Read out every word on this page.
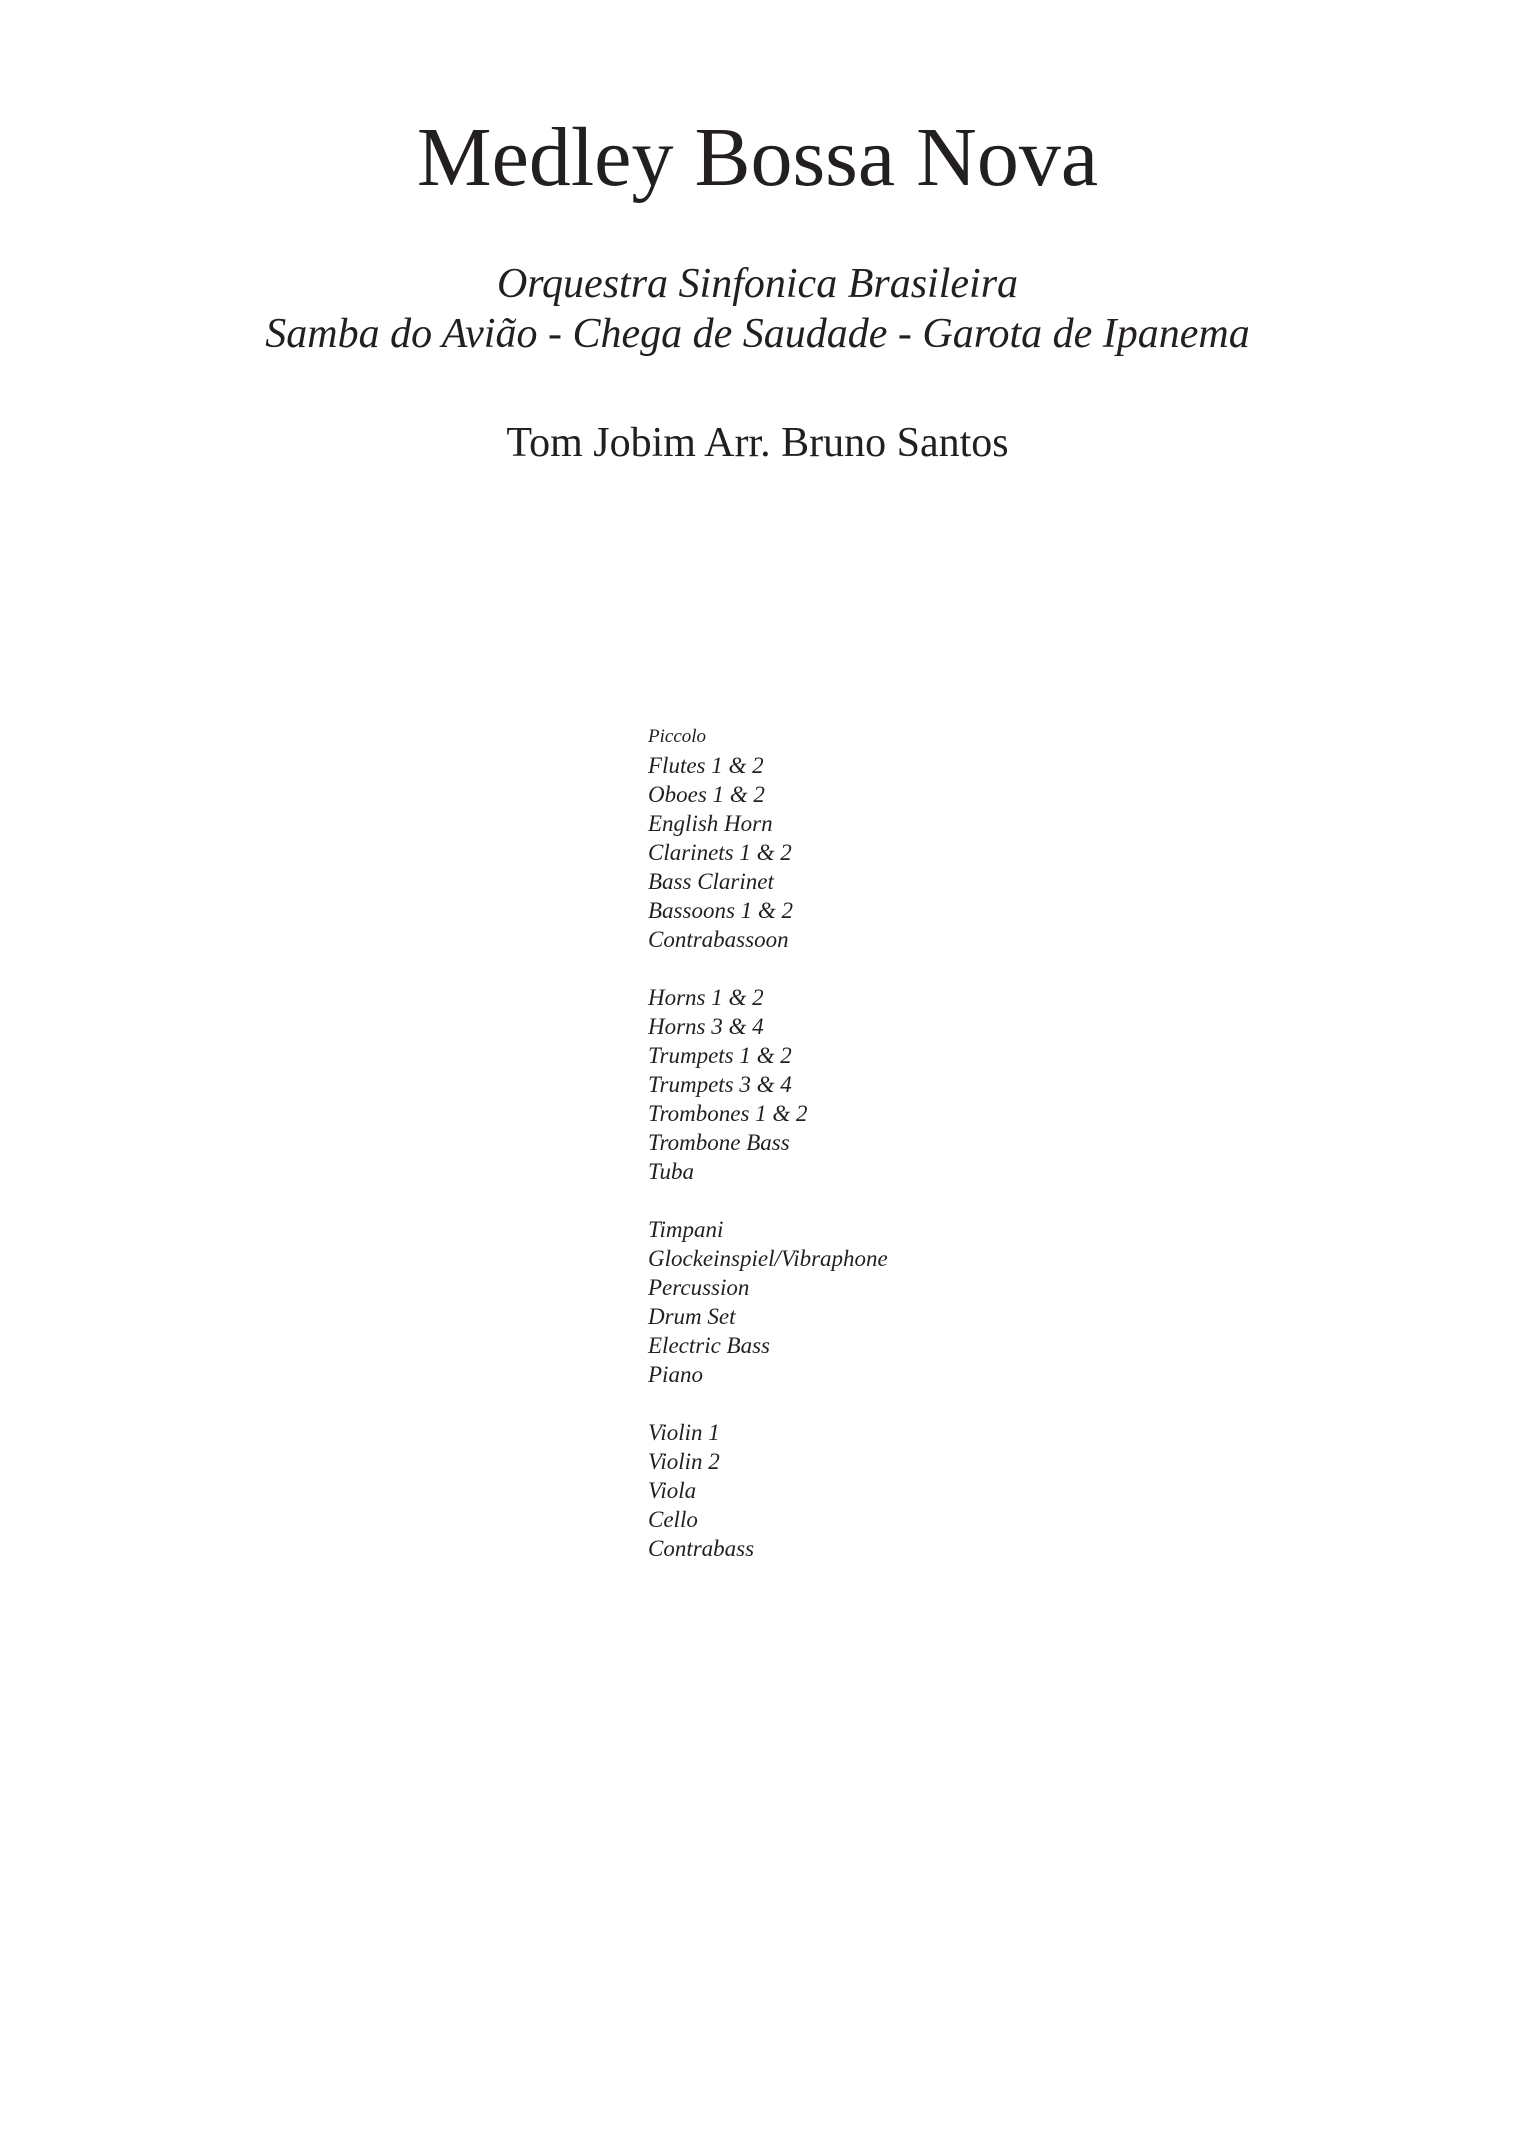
Medley Bossa Nova

Orquestra Sinfonica Brasileira

Samba do Avião - Chega de Saudade - Garota de Ipanema

Tom Jobim Arr. Bruno Santos

Piccolo
Flutes 1 & 2
Oboes 1 & 2
English Horn
Clarinets 1 & 2
Bass Clarinet
Bassoons 1 & 2
Contrabassoon
Horns 1 & 2
Horns 3 & 4
Trumpets 1 & 2
Trumpets 3 & 4
Trombones 1 & 2
Trombone Bass
Tuba
Timpani
Glockeinspiel/Vibraphone
Percussion
Drum Set
Electric Bass
Piano
Violin 1
Violin 2
Viola
Cello
Contrabass
